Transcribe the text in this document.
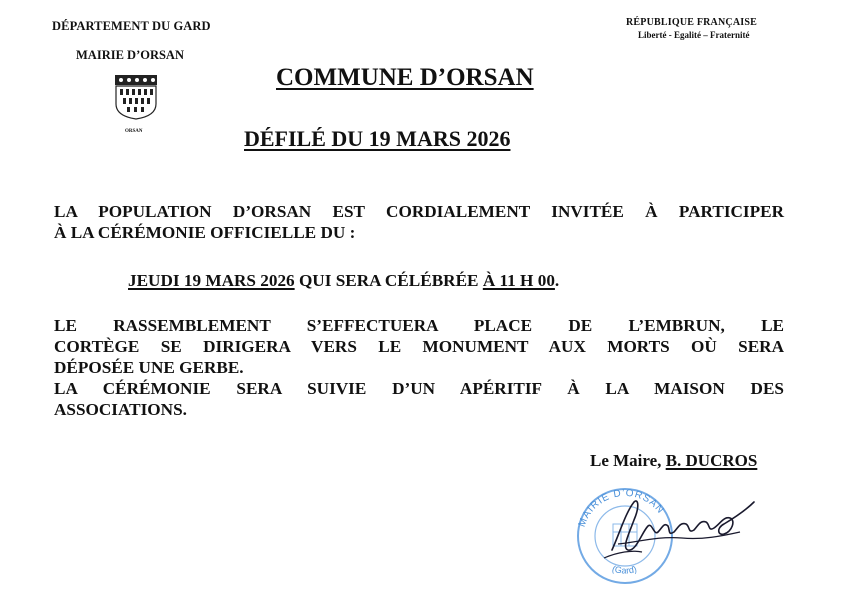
DÉPARTEMENT DU GARD
MAIRIE D’ORSAN
ORSAN
RÉPUBLIQUE FRANÇAISE
Liberté - Egalité – Fraternité
COMMUNE D’ORSAN
DÉFILÉ DU 19 MARS 2026
LA POPULATION D’ORSAN EST CORDIALEMENT INVITÉE À PARTICIPER
À LA CÉRÉMONIE OFFICIELLE DU :
JEUDI 19 MARS 2026 QUI SERA CÉLÉBRÉE À 11 H 00.
LE RASSEMBLEMENT S’EFFECTUERA PLACE DE L’EMBRUN, LE
CORTÈGE SE DIRIGERA VERS LE MONUMENT AUX MORTS OÙ SERA
DÉPOSÉE UNE GERBE.
LA CÉRÉMONIE SERA SUIVIE D’UN APÉRITIF À LA MAISON DES
ASSOCIATIONS.
Le Maire, B. DUCROS
MAIRIE D’ORSAN
(Gard)
